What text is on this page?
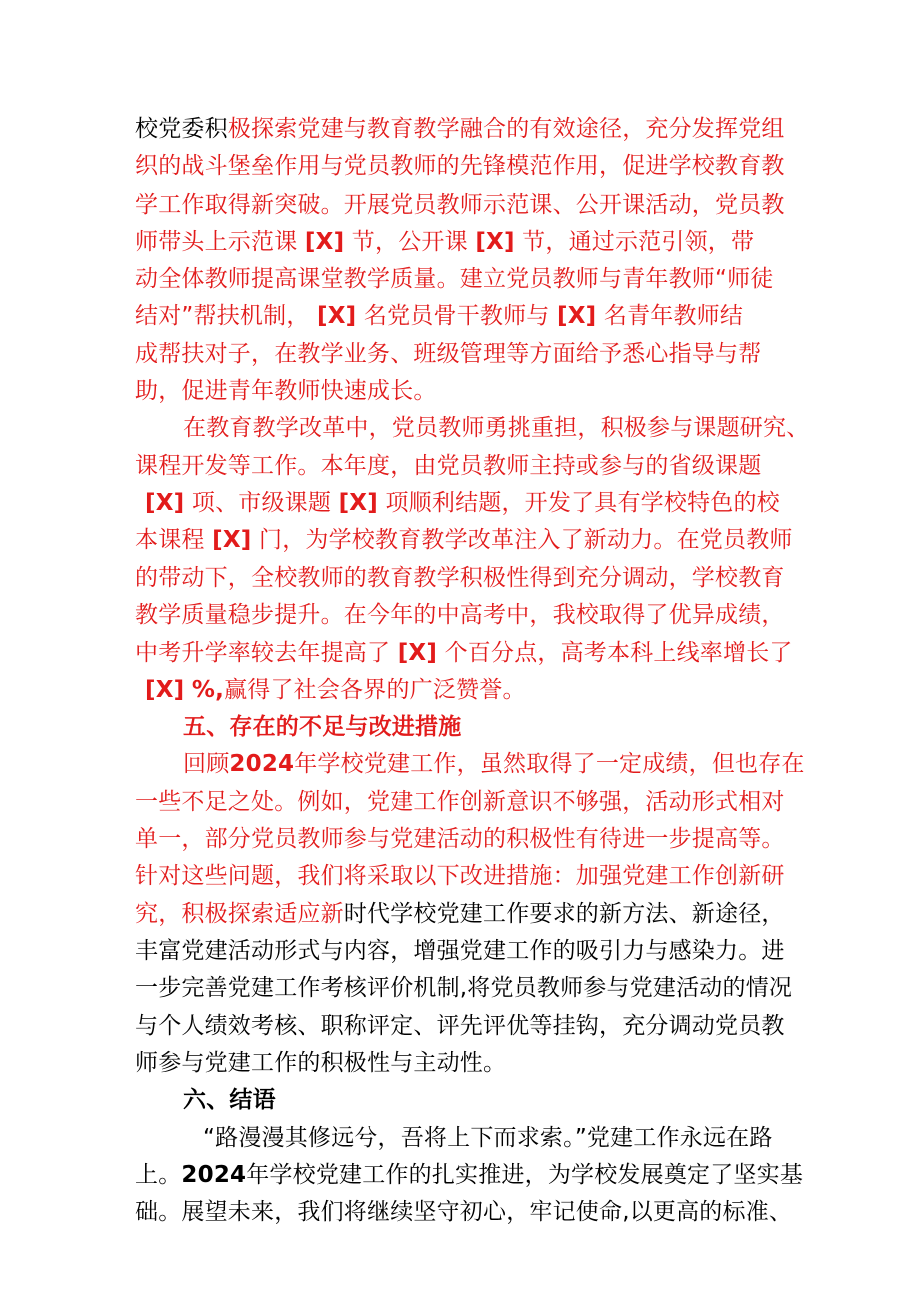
校党委积极探索党建与教育教学融合的有效途径，充分发挥党组
织的战斗堡垒作用与党员教师的先锋模范作用，促进学校教育教
学工作取得新突破。开展党员教师示范课、公开课活动，党员教
师带头上示范课 [X] 节，公开课 [X] 节，通过示范引领，带
动全体教师提高课堂教学质量。建立党员教师与青年教师“师徒
结对”帮扶机制， [X] 名党员骨干教师与 [X] 名青年教师结
成帮扶对子，在教学业务、班级管理等方面给予悉心指导与帮
助，促进青年教师快速成长。
在教育教学改革中，党员教师勇挑重担，积极参与课题研究、
课程开发等工作。本年度，由党员教师主持或参与的省级课题
[X] 项、市级课题 [X] 项顺利结题，开发了具有学校特色的校
本课程 [X] 门，为学校教育教学改革注入了新动力。在党员教师
的带动下，全校教师的教育教学积极性得到充分调动，学校教育
教学质量稳步提升。在今年的中高考中，我校取得了优异成绩，
中考升学率较去年提高了 [X] 个百分点，高考本科上线率增长了
[X] %,赢得了社会各界的广泛赞誉。
五、存在的不足与改进措施
回顾2024年学校党建工作，虽然取得了一定成绩，但也存在
一些不足之处。例如，党建工作创新意识不够强，活动形式相对
单一，部分党员教师参与党建活动的积极性有待进一步提高等。
针对这些问题，我们将采取以下改进措施：加强党建工作创新研
究，积极探索适应新时代学校党建工作要求的新方法、新途径，
丰富党建活动形式与内容，增强党建工作的吸引力与感染力。进
一步完善党建工作考核评价机制,将党员教师参与党建活动的情况
与个人绩效考核、职称评定、评先评优等挂钩，充分调动党员教
师参与党建工作的积极性与主动性。
六、结语
“路漫漫其修远兮，吾将上下而求索。”党建工作永远在路
上。2024年学校党建工作的扎实推进，为学校发展奠定了坚实基
础。展望未来，我们将继续坚守初心，牢记使命,以更高的标准、
